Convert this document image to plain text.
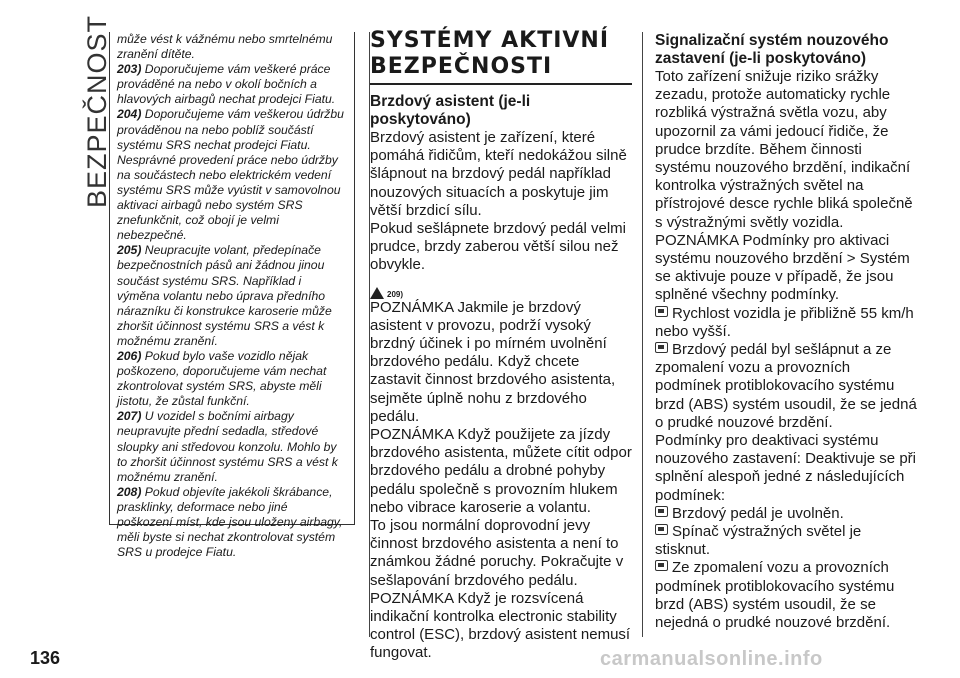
BEZPEČNOST
136

může vést k vážnému nebo smrtelnému zranění dítěte.

203) Doporučujeme vám veškeré práce prováděné na nebo v okolí bočních a hlavových airbagů nechat prodejci Fiatu.

204) Doporučujeme vám veškerou údržbu prováděnou na nebo poblíž součástí systému SRS nechat prodejci Fiatu. Nesprávné provedení práce nebo údržby na součástech nebo elektrickém vedení systému SRS může vyústit v samovolnou aktivaci airbagů nebo systém SRS znefunkčnit, což obojí je velmi nebezpečné.

205) Neupracujte volant, předepínače bezpečnostních pásů ani žádnou jinou součást systému SRS. Například i výměna volantu nebo úprava předního nárazníku či konstrukce karoserie může zhoršit účinnost systému SRS a vést k možnému zranění.

206) Pokud bylo vaše vozidlo nějak poškozeno, doporučujeme vám nechat zkontrolovat systém SRS, abyste měli jistotu, že zůstal funkční.

207) U vozidel s bočními airbagy neupravujte přední sedadla, středové sloupky ani středovou konzolu. Mohlo by to zhoršit účinnost systému SRS a vést k možnému zranění.

208) Pokud objevíte jakékoli škrábance, prasklinky, deformace nebo jiné poškození míst, kde jsou uloženy airbagy, měli byste si nechat zkontrolovat systém SRS u prodejce Fiatu.

SYSTÉMY AKTIVNÍ
BEZPEČNOSTI
Brzdový asistent (je-li poskytováno)

Brzdový asistent je zařízení, které pomáhá řidičům, kteří nedokážou silně šlápnout na brzdový pedál například nouzových situacích a poskytuje jim větší brzdicí sílu.

Pokud sešlápnete brzdový pedál velmi prudce, brzdy zaberou větší silou než obvykle.

209)

POZNÁMKA Jakmile je brzdový asistent v provozu, podrží vysoký brzdný účinek i po mírném uvolnění brzdového pedálu. Když chcete zastavit činnost brzdového asistenta, sejměte úplně nohu z brzdového pedálu.

POZNÁMKA Když použijete za jízdy brzdového asistenta, můžete cítit odpor brzdového pedálu a drobné pohyby pedálu společně s provozním hlukem nebo vibrace karoserie a volantu.

To jsou normální doprovodní jevy činnost brzdového asistenta a není to známkou žádné poruchy. Pokračujte v sešlapování brzdového pedálu.

POZNÁMKA Když je rozsvícená indikační kontrolka electronic stability control (ESC), brzdový asistent nemusí fungovat.

Signalizační systém nouzového zastavení (je-li poskytováno)

Toto zařízení snižuje riziko srážky zezadu, protože automaticky rychle rozbliká výstražná světla vozu, aby upozornil za vámi jedoucí řidiče, že prudce brzdíte. Během činnosti systému nouzového brzdění, indikační kontrolka výstražných světel na přístrojové desce rychle bliká společně s výstražnými světly vozidla.

POZNÁMKA Podmínky pro aktivaci systému nouzového brzdění > Systém se aktivuje pouze v případě, že jsou splněné všechny podmínky.

Rychlost vozidla je přibližně 55 km/h nebo vyšší.

Brzdový pedál byl sešlápnut a ze zpomalení vozu a provozních podmínek protiblokovacího systému brzd (ABS) systém usoudil, že se jedná o prudké nouzové brzdění.

Podmínky pro deaktivaci systému nouzového zastavení: Deaktivuje se při splnění alespoň jedné z následujících podmínek:

Brzdový pedál je uvolněn.

Spínač výstražných světel je stisknut.

Ze zpomalení vozu a provozních podmínek protiblokovacího systému brzd (ABS) systém usoudil, že se nejedná o prudké nouzové brzdění.

carmanualsonline.info
